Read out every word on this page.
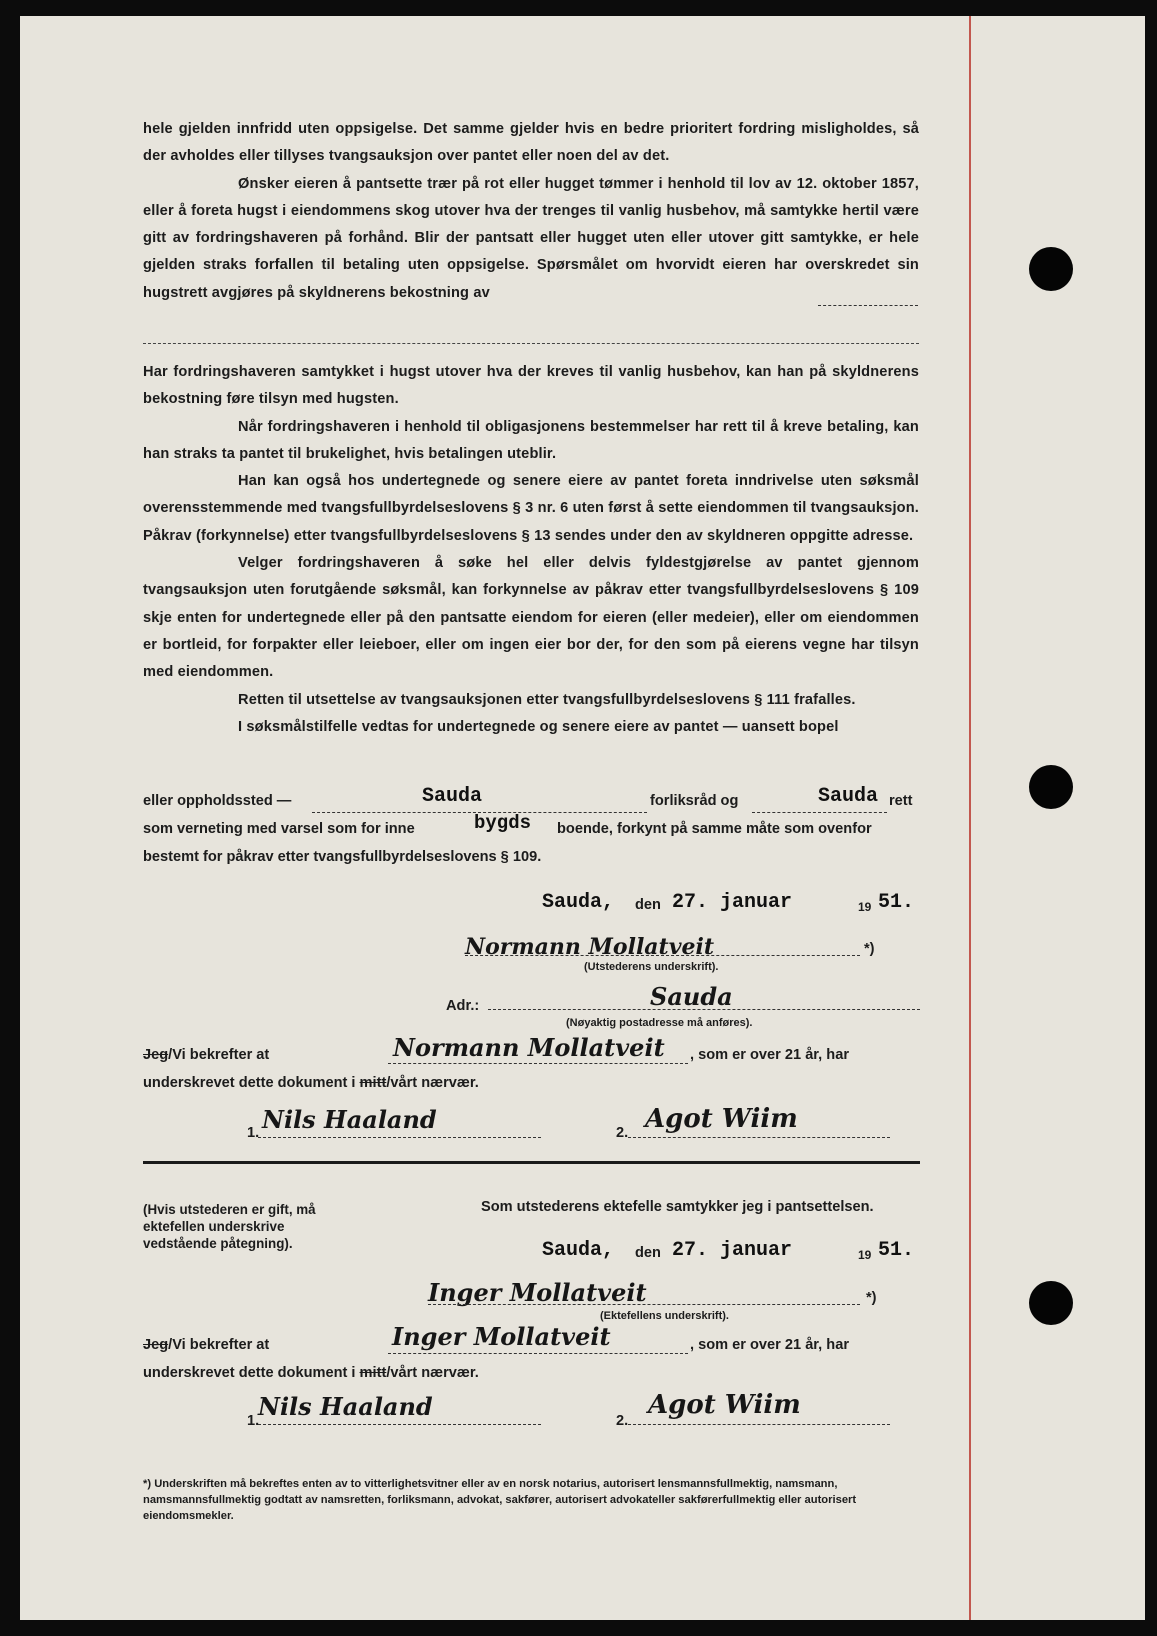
hele gjelden innfridd uten oppsigelse. Det samme gjelder hvis en bedre prioritert fordring misligholdes, så der avholdes eller tillyses tvangsauksjon over pantet eller noen del av det.

Ønsker eieren å pantsette trær på rot eller hugget tømmer i henhold til lov av 12. oktober 1857, eller å foreta hugst i eiendommens skog utover hva der trenges til vanlig husbehov, må samtykke hertil være gitt av fordringshaveren på forhånd. Blir der pantsatt eller hugget uten eller utover gitt samtykke, er hele gjelden straks forfallen til betaling uten oppsigelse. Spørsmålet om hvorvidt eieren har overskredet sin hugstrett avgjøres på skyldnerens bekostning av

Har fordringshaveren samtykket i hugst utover hva der kreves til vanlig husbehov, kan han på skyldnerens bekostning føre tilsyn med hugsten.

Når fordringshaveren i henhold til obligasjonens bestemmelser har rett til å kreve betaling, kan han straks ta pantet til brukelighet, hvis betalingen uteblir.

Han kan også hos undertegnede og senere eiere av pantet foreta inndrivelse uten søksmål overensstemmende med tvangsfullbyrdelseslovens § 3 nr. 6 uten først å sette eiendommen til tvangsauksjon. Påkrav (forkynnelse) etter tvangsfullbyrdelseslovens § 13 sendes under den av skyldneren oppgitte adresse.

Velger fordringshaveren å søke hel eller delvis fyldestgjørelse av pantet gjennom tvangsauksjon uten forutgående søksmål, kan forkynnelse av påkrav etter tvangsfullbyrdelseslovens § 109 skje enten for undertegnede eller på den pantsatte eiendom for eieren (eller medeier), eller om eiendommen er bortleid, for forpakter eller leieboer, eller om ingen eier bor der, for den som på eierens vegne har tilsyn med eiendommen.

Retten til utsettelse av tvangsauksjonen etter tvangsfullbyrdelseslovens § 111 frafalles.

I søksmålstilfelle vedtas for undertegnede og senere eiere av pantet — uansett bopel

eller oppholdssted —	Sauda	forliksråd og	Sauda rett
som verneting med varsel som for inne	bygds boende, forkynt på samme måte som ovenfor
bestemt for påkrav etter tvangsfullbyrdelseslovens § 109.
Sauda, den 27. januar	19 51.
Normann Mollatveit	*)
(Utstederens underskrift).
Adr.:	Sauda
(Nøyaktig postadresse må anføres).
Jeg/Vi bekrefter at	Normann Mollatveit , som er over 21 år, har
underskrevet dette dokument i mitt/vårt nærvær.
1. Nils Haaland	2. Agot Wiim
(Hvis utstederen er gift, må ektefellen underskrive vedstående påtegning).
Som utstederens ektefelle samtykker jeg i pantsettelsen.
Sauda, den 27. januar	19 51.
Inger Mollatveit	*)
(Ektefellens underskrift).
Jeg/Vi bekrefter at	Inger Mollatveit	, som er over 21 år, har
underskrevet dette dokument i mitt/vårt nærvær.
1.
Nils Haaland	2.
Agot Wiim
*) Underskriften må bekreftes enten av to vitterlighetsvitner eller av en norsk notarius, autorisert lensmannsfullmektig, namsmann, namsmannsfullmektig godtatt av namsretten, forliksmann, advokat, sakfører, autorisert advokateller sakførerfullmektig eller autorisert eiendomsmekler.
